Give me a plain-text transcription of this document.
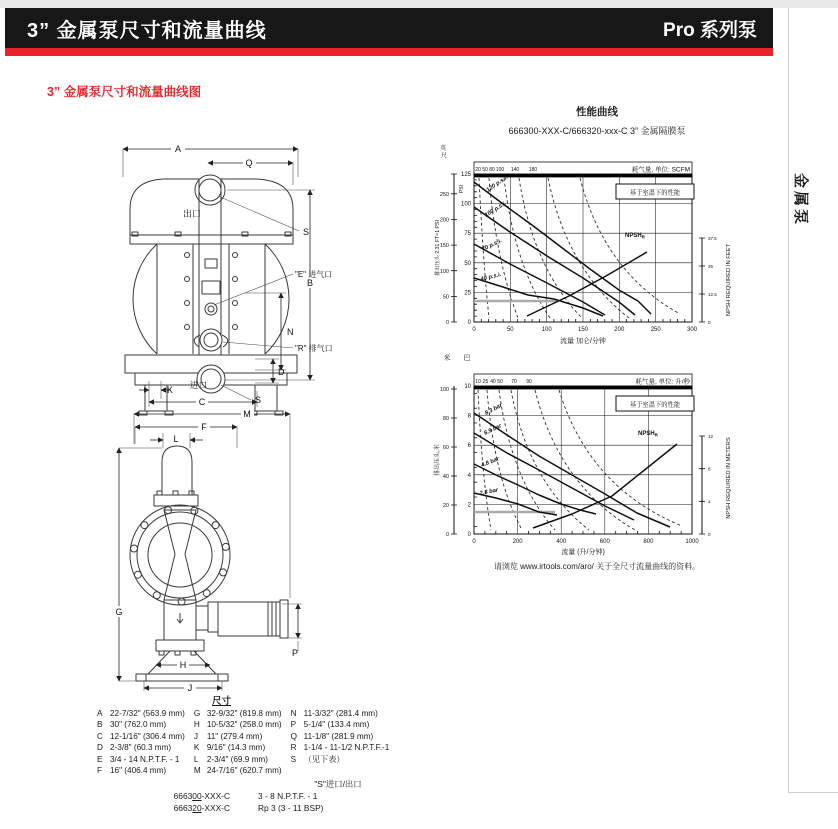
3” 金属泵尺寸和流量曲线	Pro 系列泵
金属泵
3” 金属泵尺寸和流量曲线图
A
Q
B
S
"E" 进气口
N
"R" 排气口
D
K
C	S
出口
进口
M
F
L
G
P
H
J
性能曲线
666300-XXX-C/666320-xxx-C 3” 金属隔膜泵
125
100
75
50
25
0
250
200
150
100
50
0
0	50	100	150	200	250	300
20 50 80 100 140 180	耗气量, 单位: SCFM
37.5
25
12.5
0
NPSH REQUIRED IN FEET
排出压头 2.31 FT=1 PSI
英 尺
PSI
流量 加仑/分钟
120 p.s.i.
100 p.s.i.
70 p.s.i.
40 p.s.i.
$NPSH_R$
基于室温下的性能
10
8
6
4
2
0
100
80
60
40
20
0
0	200	400	600	800	1000
10 25 40 50 70 90	耗气量, 单位: 升/秒
12
8
4
0
NPSH REQUIRED IN METERS
排出压头,米
米 巴
流量 (升/分钟)
8.3 bar
6.9 bar
4.8 bar
2.8 bar
$NPSH_R$
基于室温下的性能
请浏览 www.irtools.com/aro/ 关于全尺寸流量曲线的资料。
尺寸
A 22-7/32" (563.9 mm)
B 30" (762.0 mm)
C 12-1/16" (306.4 mm)
D 2-3/8" (60.3 mm)
E 3/4 - 14 N.P.T.F. - 1
F 16" (406.4 mm)
G 32-9/32" (819.8 mm)
H 10-5/32" (258.0 mm)
J	11" (279.4 mm)
K 9/16" (14.3 mm)
L	2-3/4" (69.9 mm)
M 24-7/16" (620.7 mm)
N 11-3/32" (281.4 mm)
P 5-1/4" (133.4 mm)
Q 11-1/8" (281.9 mm)
R 1-1/4 - 11-1/2 N.P.T.F.-1
S （见下表）
"S"进口/出口
666300-XXX-C	3 - 8 N.P.T.F. - 1
666320-XXX-C	Rp 3 (3 - 11 BSP)
